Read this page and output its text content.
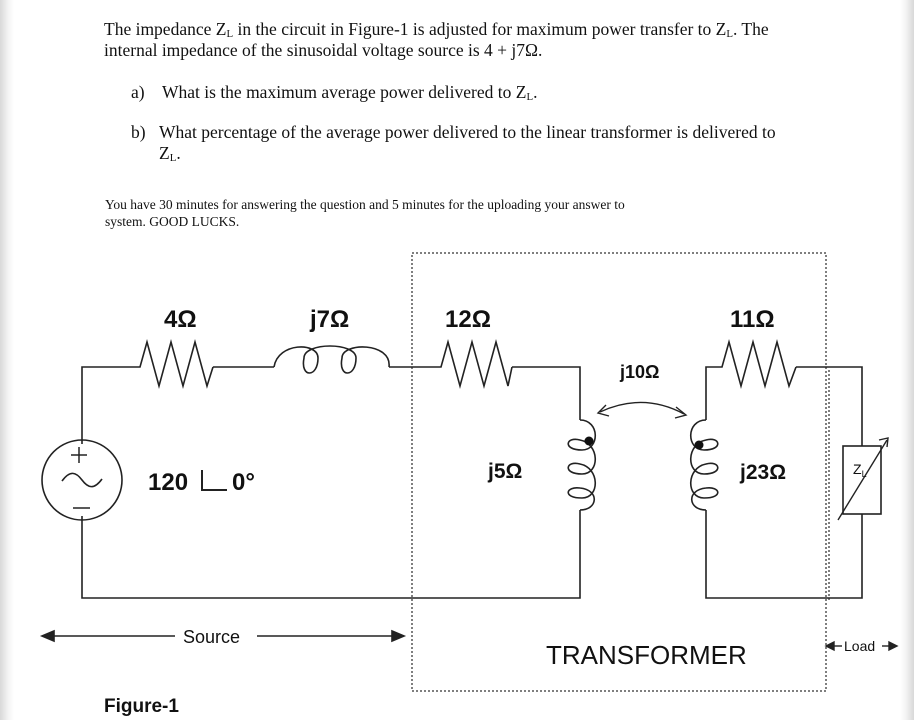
The impedance ZL in the circuit in Figure-1 is adjusted for maximum power transfer to ZL. The
internal impedance of the sinusoidal voltage source is 4 + j7Ω.
a) What is the maximum average power delivered to ZL.
b) What percentage of the average power delivered to the linear transformer is delivered to
ZL.
You have 30 minutes for answering the question and 5 minutes for the uploading your answer to
system. GOOD LUCKS.
$Z_L$
4Ω	j7Ω	12Ω	11Ω
j10Ω
j5Ω	j23Ω
120 0°
Source
TRANSFORMER	Load
Figure-1
